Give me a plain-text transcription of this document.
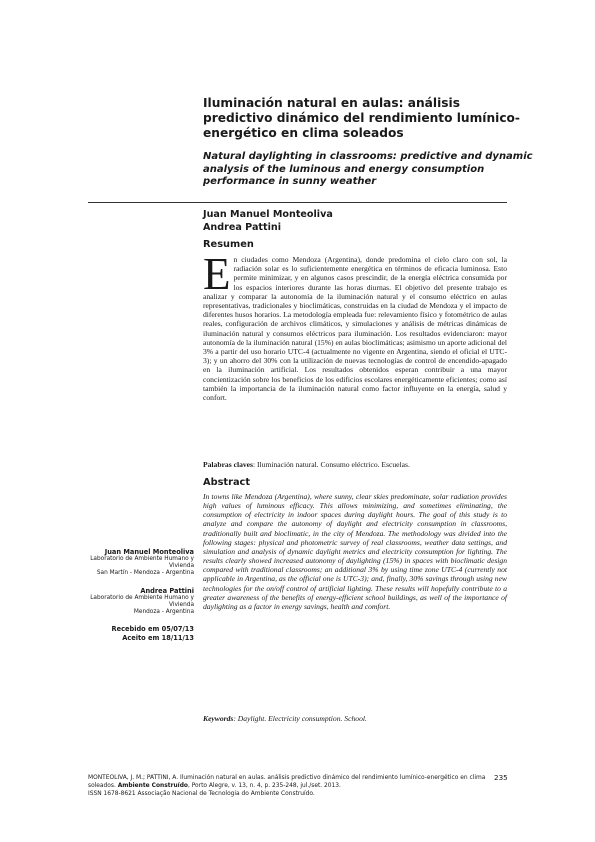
Iluminación natural en aulas: análisis predictivo dinámico del rendimiento lumínico-energético en clima soleados
Natural daylighting in classrooms: predictive and dynamic analysis of the luminous and energy consumption performance in sunny weather
Juan Manuel Monteoliva
Andrea Pattini
Resumen

En ciudades como Mendoza (Argentina), donde predomina el cielo claro con sol, la radiación solar es lo suficientemente energética en términos de eficacia luminosa. Esto permite minimizar, y en algunos casos prescindir, de la energía eléctrica consumida por los espacios interiores durante las horas diurnas. El objetivo del presente trabajo es analizar y comparar la autonomía de la iluminación natural y el consumo eléctrico en aulas representativas, tradicionales y bioclimáticas, construidas en la ciudad de Mendoza y el impacto de diferentes husos horarios. La metodología empleada fue: relevamiento físico y fotométrico de aulas reales, configuración de archivos climáticos, y simulaciones y análisis de métricas dinámicas de iluminación natural y consumos eléctricos para iluminación. Los resultados evidenciaron: mayor autonomía de la iluminación natural (15%) en aulas bioclimáticas; asimismo un aporte adicional del 3% a partir del uso horario UTC-4 (actualmente no vigente en Argentina, siendo el oficial el UTC-3); y un ahorro del 30% con la utilización de nuevas tecnologías de control de encendido-apagado en la iluminación artificial. Los resultados obtenidos esperan contribuir a una mayor concientización sobre los beneficios de los edificios escolares energéticamente eficientes; como así también la importancia de la iluminación natural como factor influyente en la energía, salud y confort.

Palabras claves: Iluminación natural. Consumo eléctrico. Escuelas.

Abstract

In towns like Mendoza (Argentina), where sunny, clear skies predominate, solar radiation provides high values of luminous efficacy. This allows minimizing, and sometimes eliminating, the consumption of electricity in indoor spaces during daylight hours. The goal of this study is to analyze and compare the autonomy of daylight and electricity consumption in classrooms, traditionally built and bioclimatic, in the city of Mendoza. The methodology was divided into the following stages: physical and photometric survey of real classrooms, weather data settings, and simulation and analysis of dynamic daylight metrics and electricity consumption for lighting. The results clearly showed increased autonomy of daylighting (15%) in spaces with bioclimatic design compared with traditional classrooms; an additional 3% by using time zone UTC-4 (currently not applicable in Argentina, as the official one is UTC-3); and, finally, 30% savings through using new technologies for the on/off control of artificial lighting. These results will hopefully contribute to a greater awareness of the benefits of energy-efficient school buildings, as well of the importance of daylighting as a factor in energy savings, health and comfort.

Keywords: Daylight. Electricity consumption. School.

Juan Manuel Monteoliva
Laboratorio de Ambiente Humano y
Vivienda
San Martín - Mendoza - Argentina
Andrea Pattini
Laboratorio de Ambiente Humano y
Vivienda
Mendoza - Argentina
Recebido em 05/07/13
Aceito em 18/11/13
MONTEOLIVA, J. M.; PATTINI, A. Iluminación natural en aulas. análisis predictivo dinámico del rendimiento lumínico-energético en clima soleados. Ambiente Construído, Porto Alegre, v. 13, n. 4, p. 235-248, jul./set. 2013.
ISSN 1678-8621 Associação Nacional de Tecnologia do Ambiente Construído.
235
